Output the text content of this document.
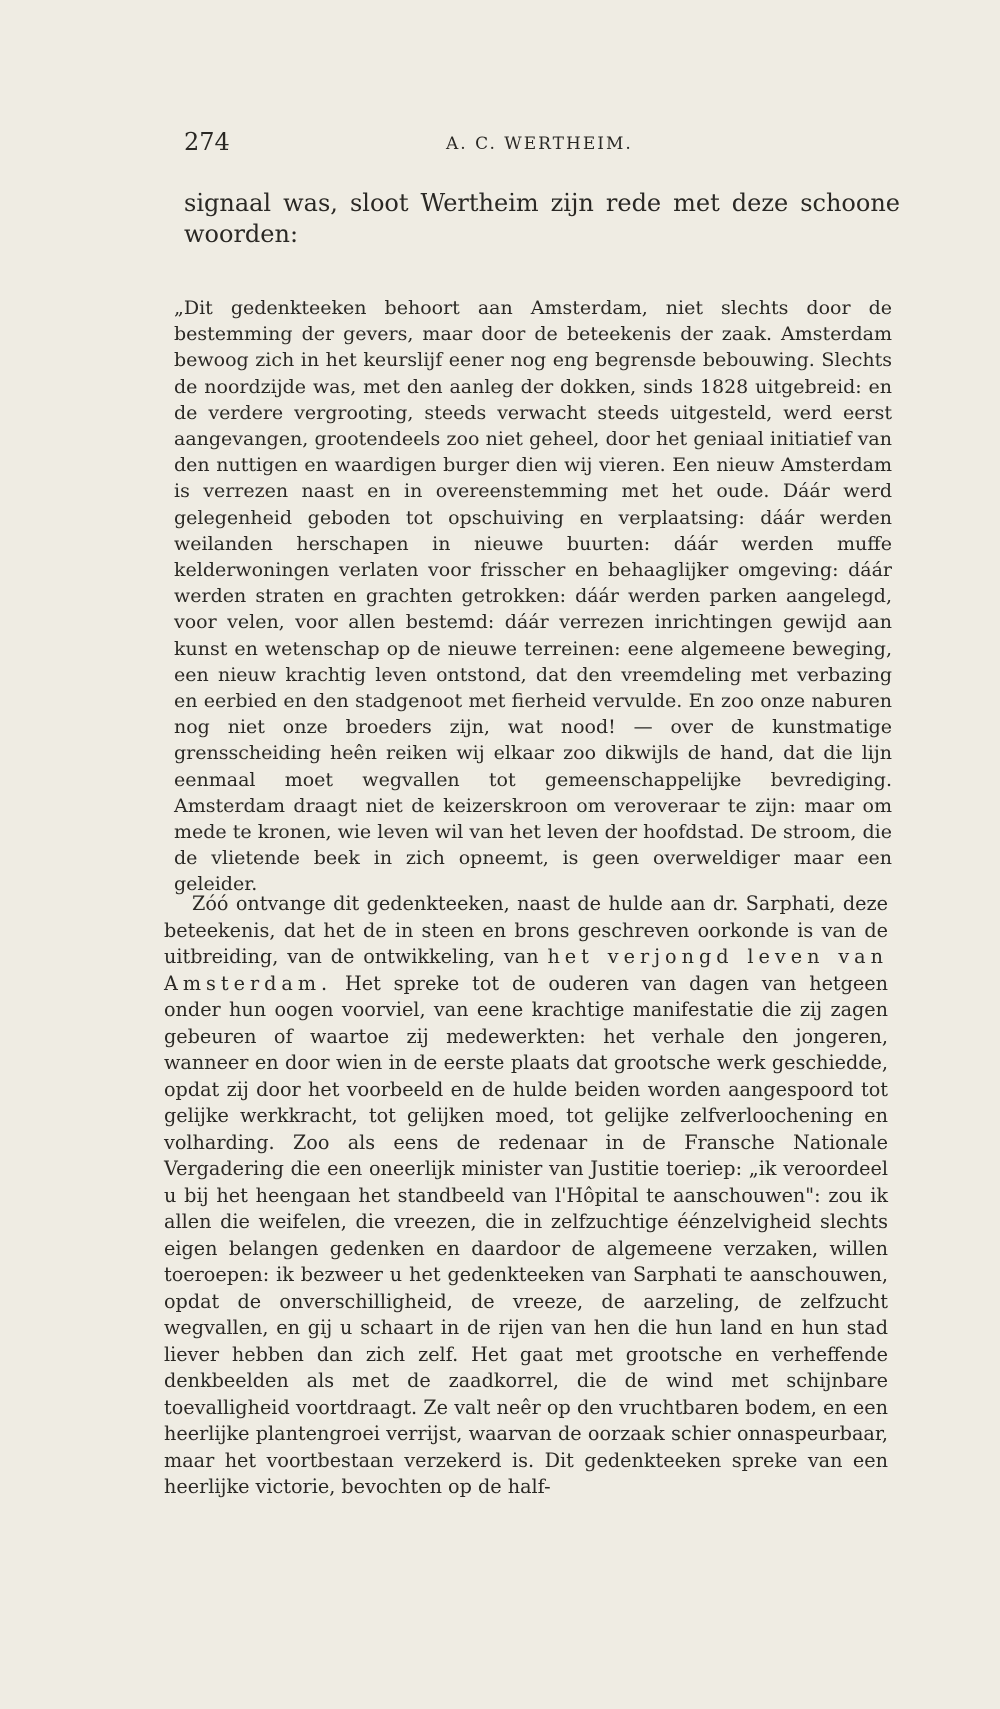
274	A. C. WERTHEIM.

signaal was, sloot Wertheim zijn rede met deze schoone woorden:

„Dit gedenkteeken behoort aan Amsterdam, niet slechts door de bestemming der gevers, maar door de beteekenis der zaak. Amsterdam bewoog zich in het keurslijf eener nog eng begrensde bebouwing. Slechts de noordzijde was, met den aanleg der dokken, sinds 1828 uitgebreid: en de verdere vergrooting, steeds verwacht steeds uitgesteld, werd eerst aangevangen, grootendeels zoo niet geheel, door het geniaal initiatief van den nuttigen en waardigen burger dien wij vieren. Een nieuw Amsterdam is verrezen naast en in overeenstemming met het oude. Dáár werd gelegenheid geboden tot opschuiving en verplaatsing: dáár werden weilanden herschapen in nieuwe buurten: dáár werden muffe kelderwoningen verlaten voor frisscher en behaaglijker omgeving: dáár werden straten en grachten getrokken: dáár werden parken aangelegd, voor velen, voor allen bestemd: dáár verrezen inrichtingen gewijd aan kunst en wetenschap op de nieuwe terreinen: eene algemeene beweging, een nieuw krachtig leven ontstond, dat den vreemdeling met verbazing en eerbied en den stadgenoot met fierheid vervulde. En zoo onze naburen nog niet onze broeders zijn, wat nood! — over de kunstmatige grensscheiding heên reiken wij elkaar zoo dikwijls de hand, dat die lijn eenmaal moet wegvallen tot gemeenschappelijke bevrediging. Amsterdam draagt niet de keizerskroon om veroveraar te zijn: maar om mede te kronen, wie leven wil van het leven der hoofdstad. De stroom, die de vlietende beek in zich opneemt, is geen overweldiger maar een geleider.

Zóó ontvange dit gedenkteeken, naast de hulde aan dr. Sarphati, deze beteekenis, dat het de in steen en brons geschreven oorkonde is van de uitbreiding, van de ontwikkeling, van het verjongd leven van Amsterdam. Het spreke tot de ouderen van dagen van hetgeen onder hun oogen voorviel, van eene krachtige manifestatie die zij zagen gebeuren of waartoe zij medewerkten: het verhale den jongeren, wanneer en door wien in de eerste plaats dat grootsche werk geschiedde, opdat zij door het voorbeeld en de hulde beiden worden aangespoord tot gelijke werkkracht, tot gelijken moed, tot gelijke zelfverloochening en volharding. Zoo als eens de redenaar in de Fransche Nationale Vergadering die een oneerlijk minister van Justitie toeriep: „ik veroordeel u bij het heengaan het standbeeld van l'Hôpital te aanschouwen": zou ik allen die weifelen, die vreezen, die in zelfzuchtige éénzelvigheid slechts eigen belangen gedenken en daardoor de algemeene verzaken, willen toeroepen: ik bezweer u het gedenkteeken van Sarphati te aanschouwen, opdat de onverschilligheid, de vreeze, de aarzeling, de zelfzucht wegvallen, en gij u schaart in de rijen van hen die hun land en hun stad liever hebben dan zich zelf. Het gaat met grootsche en verheffende denkbeelden als met de zaadkorrel, die de wind met schijnbare toevalligheid voortdraagt. Ze valt neêr op den vruchtbaren bodem, en een heerlijke plantengroei verrijst, waarvan de oorzaak schier onnaspeurbaar, maar het voortbestaan verzekerd is. Dit gedenkteeken spreke van een heerlijke victorie, bevochten op de half-
